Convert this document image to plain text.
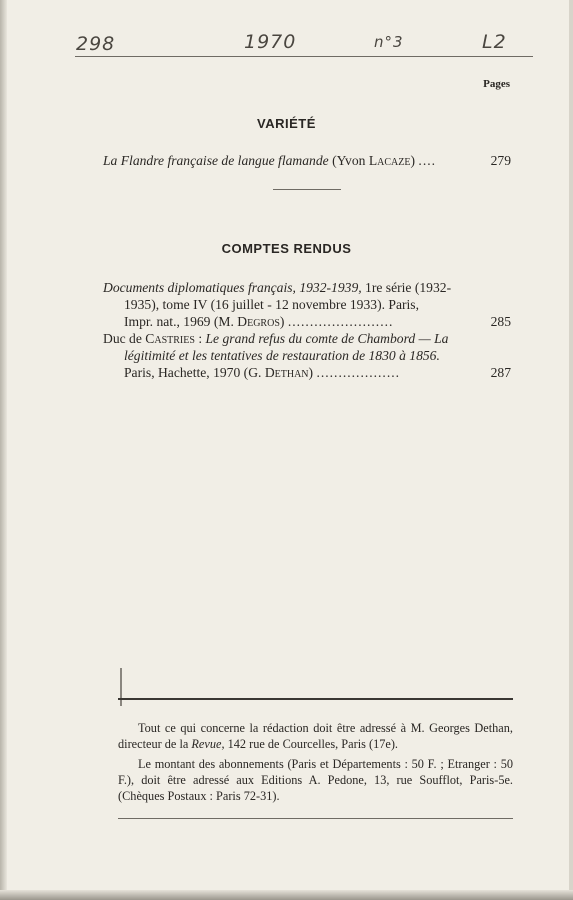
298	1970	n°3	L2
Pages
VARIÉTÉ
La Flandre française de langue flamande (Yvon Lacaze) ....	279
COMPTES RENDUS
Documents diplomatiques français, 1932-1939, 1re série (1932-
1935), tome IV (16 juillet - 12 novembre 1933). Paris,
Impr. nat., 1969 (M. Degros) ........................	285
Duc de Castries : Le grand refus du comte de Chambord — La
légitimité et les tentatives de restauration de 1830 à 1856.
Paris, Hachette, 1970 (G. Dethan) ...................	287
Tout ce qui concerne la rédaction doit être adressé à M. Georges Dethan, directeur de la Revue, 142 rue de Courcelles, Paris (17e).
Le montant des abonnements (Paris et Départements : 50 F. ; Etranger : 50 F.), doit être adressé aux Editions A. Pedone, 13, rue Soufflot, Paris-5e. (Chèques Postaux : Paris 72-31).
